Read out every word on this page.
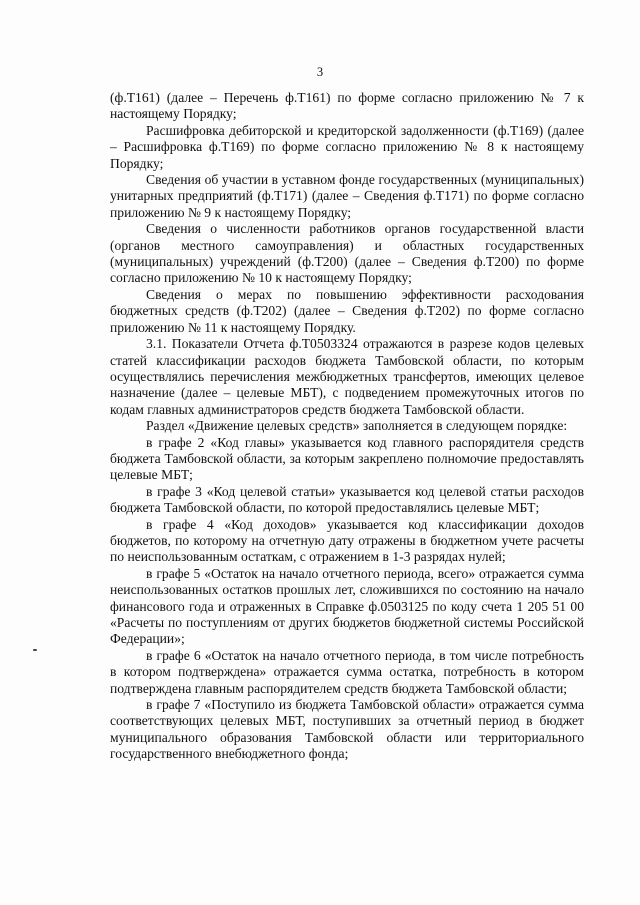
3

(ф.Т161) (далее – Перечень ф.Т161) по форме согласно приложению № 7 к настоящему Порядку;

Расшифровка дебиторской и кредиторской задолженности (ф.Т169) (далее – Расшифровка ф.Т169) по форме согласно приложению № 8 к настоящему Порядку;

Сведения об участии в уставном фонде государственных (муниципальных) унитарных предприятий (ф.Т171) (далее – Сведения ф.Т171) по форме согласно приложению № 9 к настоящему Порядку;

Сведения о численности работников органов государственной власти (органов местного самоуправления) и областных государственных (муниципальных) учреждений (ф.Т200) (далее – Сведения ф.Т200) по форме согласно приложению № 10 к настоящему Порядку;

Сведения о мерах по повышению эффективности расходования бюджетных средств (ф.Т202) (далее – Сведения ф.Т202) по форме согласно приложению № 11 к настоящему Порядку.

3.1. Показатели Отчета ф.Т0503324 отражаются в разрезе кодов целевых статей классификации расходов бюджета Тамбовской области, по которым осуществлялись перечисления межбюджетных трансфертов, имеющих целевое назначение (далее – целевые МБТ), с подведением промежуточных итогов по кодам главных администраторов средств бюджета Тамбовской области.

Раздел «Движение целевых средств» заполняется в следующем порядке:

в графе 2 «Код главы» указывается код главного распорядителя средств бюджета Тамбовской области, за которым закреплено полномочие предоставлять целевые МБТ;

в графе 3 «Код целевой статьи» указывается код целевой статьи расходов бюджета Тамбовской области, по которой предоставлялись целевые МБТ;

в графе 4 «Код доходов» указывается код классификации доходов бюджетов, по которому на отчетную дату отражены в бюджетном учете расчеты по неиспользованным остаткам, с отражением в 1-3 разрядах нулей;

в графе 5 «Остаток на начало отчетного периода, всего» отражается сумма неиспользованных остатков прошлых лет, сложившихся по состоянию на начало финансового года и отраженных в Справке ф.0503125 по коду счета 1 205 51 00 «Расчеты по поступлениям от других бюджетов бюджетной системы Российской Федерации»;

в графе 6 «Остаток на начало отчетного периода, в том числе потребность в котором подтверждена» отражается сумма остатка, потребность в котором подтверждена главным распорядителем средств бюджета Тамбовской области;

в графе 7 «Поступило из бюджета Тамбовской области» отражается сумма соответствующих целевых МБТ, поступивших за отчетный период в бюджет муниципального образования Тамбовской области или территориального государственного внебюджетного фонда;
